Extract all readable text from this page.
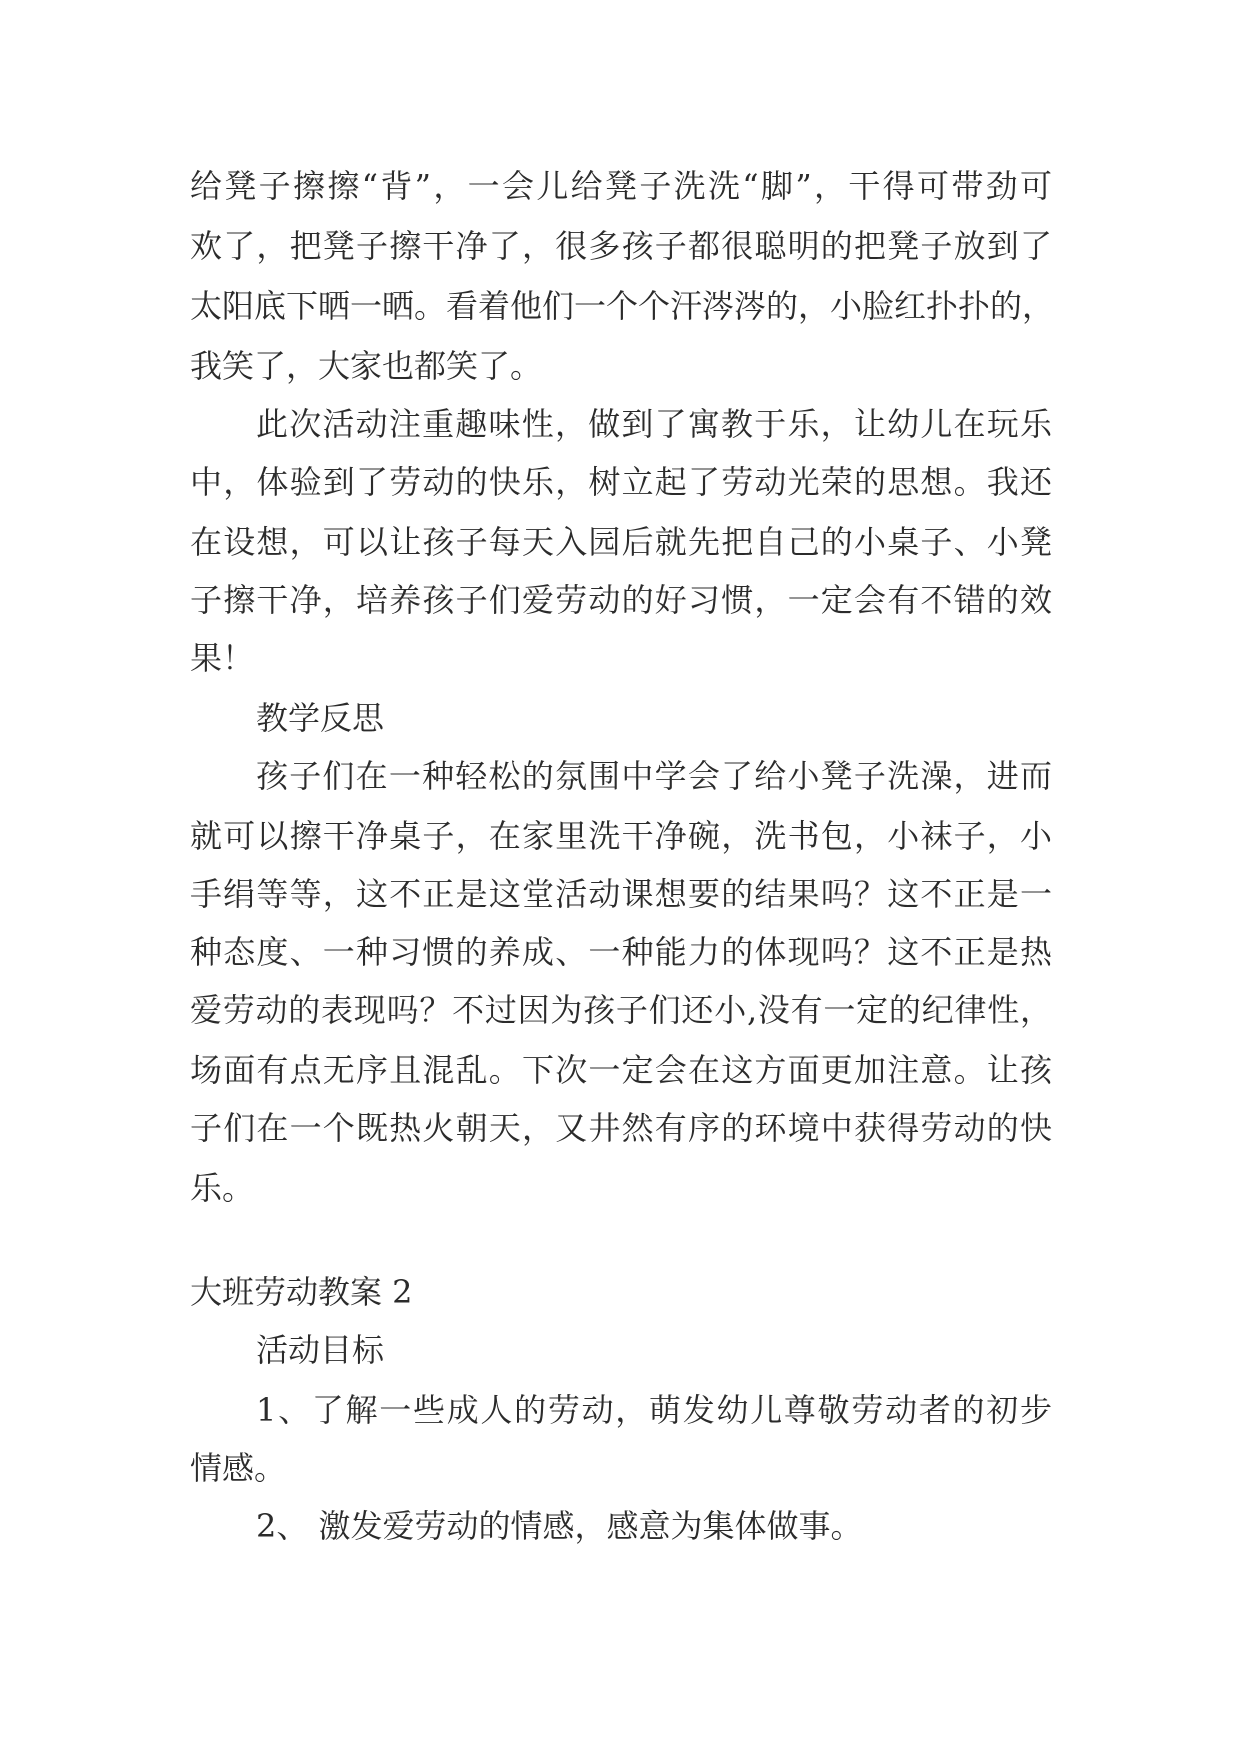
给凳子擦擦“背”，一会儿给凳子洗洗“脚”，干得可带劲可

欢了，把凳子擦干净了，很多孩子都很聪明的把凳子放到了

太阳底下晒一晒。看着他们一个个汗涔涔的，小脸红扑扑的，

我笑了，大家也都笑了。

此次活动注重趣味性，做到了寓教于乐，让幼儿在玩乐

中，体验到了劳动的快乐，树立起了劳动光荣的思想。我还

在设想，可以让孩子每天入园后就先把自己的小桌子、小凳

子擦干净，培养孩子们爱劳动的好习惯，一定会有不错的效

果！

教学反思

孩子们在一种轻松的氛围中学会了给小凳子洗澡，进而

就可以擦干净桌子，在家里洗干净碗，洗书包，小袜子，小

手绢等等，这不正是这堂活动课想要的结果吗？这不正是一

种态度、一种习惯的养成、一种能力的体现吗？这不正是热

爱劳动的表现吗？不过因为孩子们还小,没有一定的纪律性，

场面有点无序且混乱。下次一定会在这方面更加注意。让孩

子们在一个既热火朝天，又井然有序的环境中获得劳动的快

乐。

大班劳动教案 2

活动目标

1、了解一些成人的劳动，萌发幼儿尊敬劳动者的初步

情感。

2、 激发爱劳动的情感，感意为集体做事。
